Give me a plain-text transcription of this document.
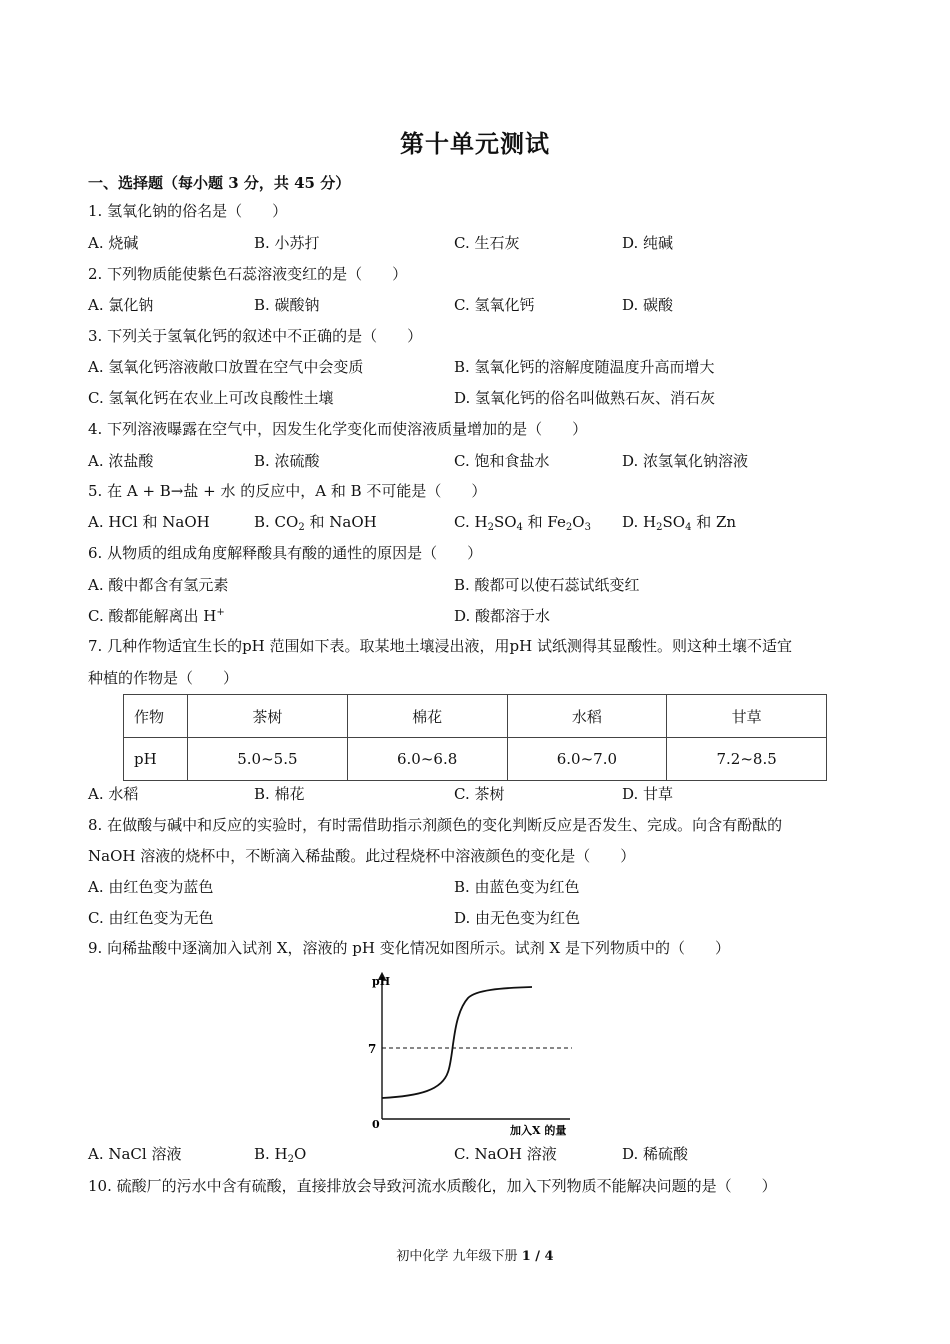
第十单元测试
一、选择题（每小题 3 分，共 45 分）
1. 氢氧化钠的俗名是（　　）
A. 烧碱	B. 小苏打	C. 生石灰	D. 纯碱
2. 下列物质能使紫色石蕊溶液变红的是（　　）
A. 氯化钠	B. 碳酸钠	C. 氢氧化钙	D. 碳酸
3. 下列关于氢氧化钙的叙述中不正确的是（　　）
A. 氢氧化钙溶液敞口放置在空气中会变质	B. 氢氧化钙的溶解度随温度升高而增大
C. 氢氧化钙在农业上可改良酸性土壤	D. 氢氧化钙的俗名叫做熟石灰、消石灰
4. 下列溶液曝露在空气中，因发生化学变化而使溶液质量增加的是（　　）
A. 浓盐酸	B. 浓硫酸	C. 饱和食盐水	D. 浓氢氧化钠溶液
5. 在 A + B→盐 + 水 的反应中，A 和 B 不可能是（　　）
A. HCl 和 NaOH	B. $CO_2$ 和 NaOH	C. $H_2SO_4$ 和 $Fe_2O_3$ D. $H_2SO_4$ 和 Zn
6. 从物质的组成角度解释酸具有酸的通性的原因是（　　）
A. 酸中都含有氢元素	B. 酸都可以使石蕊试纸变红
C. 酸都能解离出 H+	D. 酸都溶于水
7. 几种作物适宜生长的pH 范围如下表。取某地土壤浸出液，用pH 试纸测得其显酸性。则这种土壤不适宜
种植的作物是（　　）
作物	茶树	棉花	水稻	甘草
pH	5.0~5.5	6.0~6.8	6.0~7.0	7.2~8.5
A. 水稻	B. 棉花	C. 茶树	D. 甘草
8. 在做酸与碱中和反应的实验时，有时需借助指示剂颜色的变化判断反应是否发生、完成。向含有酚酞的
NaOH 溶液的烧杯中，不断滴入稀盐酸。此过程烧杯中溶液颜色的变化是（　　）
A. 由红色变为蓝色	B. 由蓝色变为红色
C. 由红色变为无色	D. 由无色变为红色
9. 向稀盐酸中逐滴加入试剂 X，溶液的 pH 变化情况如图所示。试剂 X 是下列物质中的（　　）
pH
7
0	加入X 的量
A. NaCl 溶液	B. $H_2O$	C. NaOH 溶液	D. 稀硫酸
10. 硫酸厂的污水中含有硫酸，直接排放会导致河流水质酸化，加入下列物质不能解决问题的是（　　）
初中化学 九年级下册 1 / 4
